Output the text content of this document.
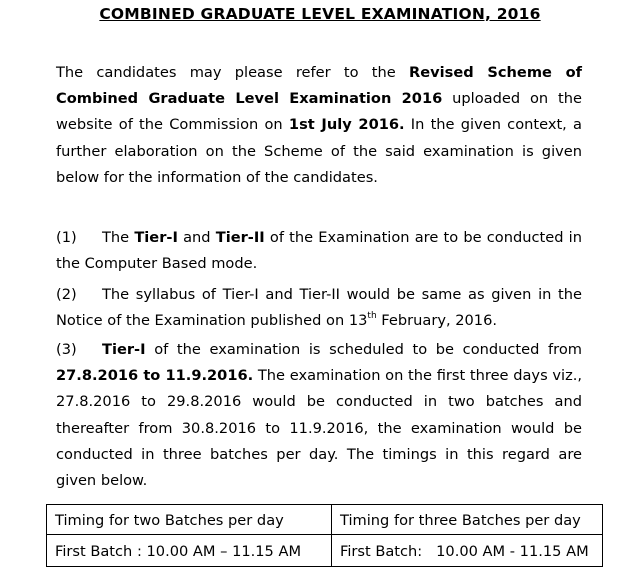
COMBINED GRADUATE LEVEL EXAMINATION, 2016

The candidates may please refer to the Revised Scheme of Combined Graduate Level Examination 2016 uploaded on the website of the Commission on 1st July 2016. In the given context, a further elaboration on the Scheme of the said examination is given below for the information of the candidates.

(1) The Tier-I and Tier-II of the Examination are to be conducted in the Computer Based mode.

(2) The syllabus of Tier-I and Tier-II would be same as given in the Notice of the Examination published on 13th February, 2016.

(3) Tier-I of the examination is scheduled to be conducted from 27.8.2016 to 11.9.2016. The examination on the first three days viz., 27.8.2016 to 29.8.2016 would be conducted in two batches and thereafter from 30.8.2016 to 11.9.2016, the examination would be conducted in three batches per day. The timings in this regard are given below.

Timing for two Batches per day	Timing for three Batches per day
First Batch : 10.00 AM – 11.15 AM	First Batch:   10.00 AM - 11.15 AM
